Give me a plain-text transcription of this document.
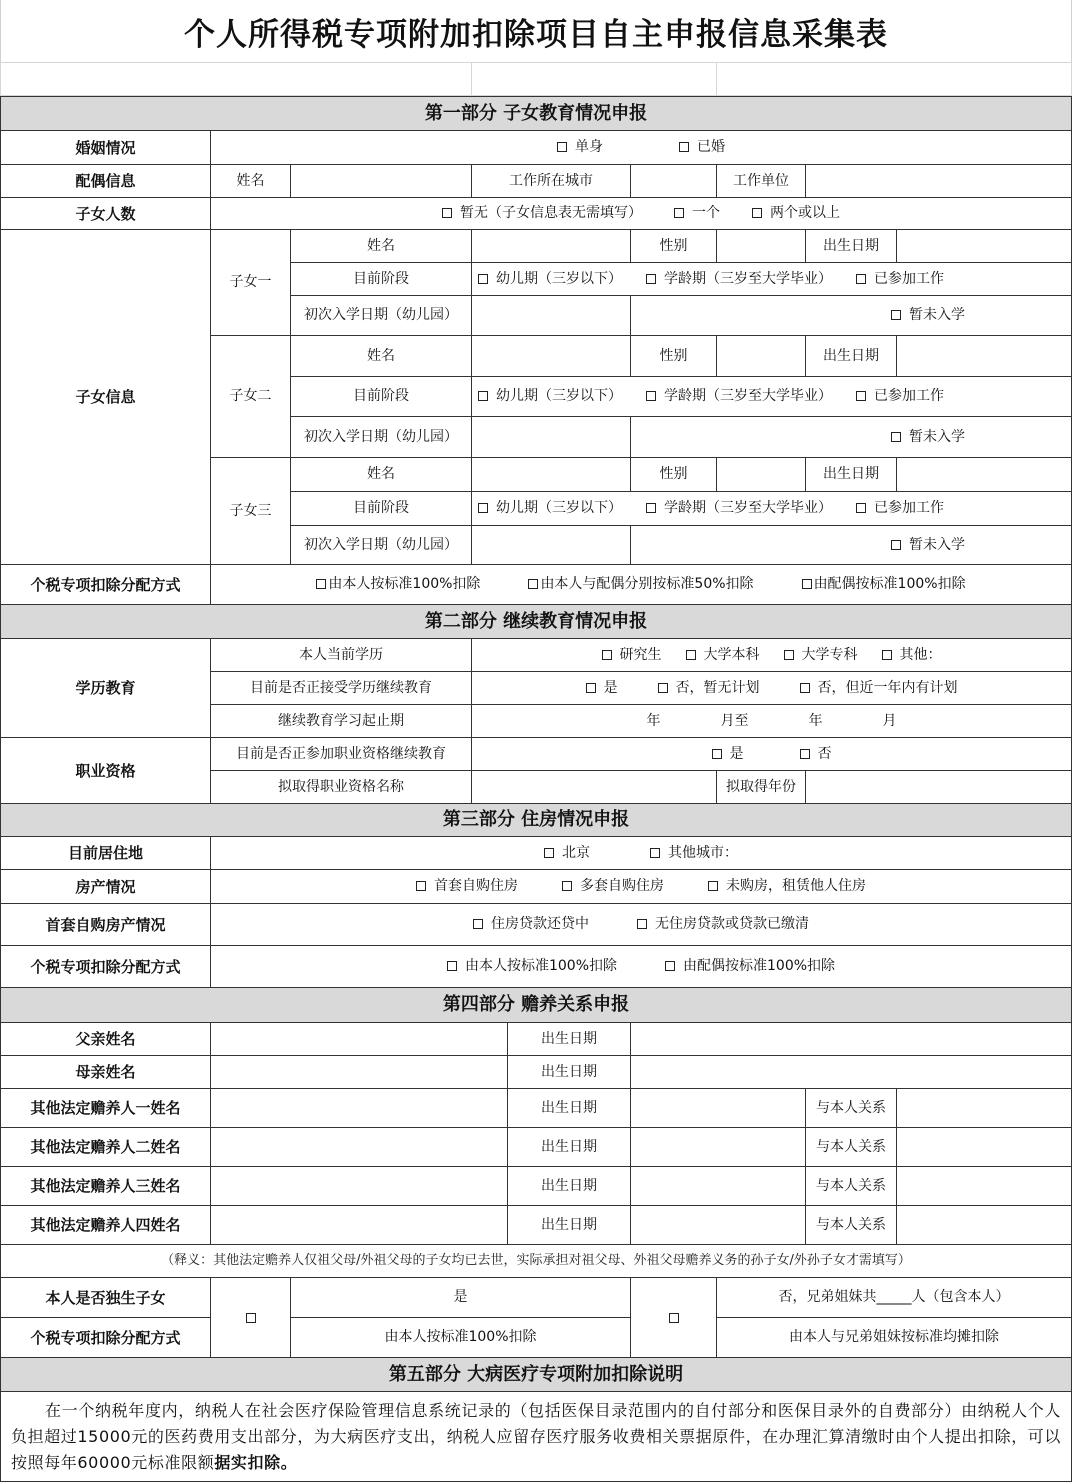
个人所得税专项附加扣除项目自主申报信息采集表
第一部分 子女教育情况申报
婚姻情况	单身	已婚
配偶信息	姓名	工作所在城市	工作单位
子女人数	暂无（子女信息表无需填写）	一个	两个或以上
子女信息
子女一
姓名	性别	出生日期
目前阶段	幼儿期（三岁以下）	学龄期（三岁至大学毕业）	已参加工作
初次入学日期（幼儿园）	暂未入学
子女二
姓名	性别	出生日期
目前阶段	幼儿期（三岁以下）	学龄期（三岁至大学毕业）	已参加工作
初次入学日期（幼儿园）	暂未入学
子女三
姓名	性别	出生日期
目前阶段	幼儿期（三岁以下）	学龄期（三岁至大学毕业）	已参加工作
初次入学日期（幼儿园）	暂未入学
个税专项扣除分配方式	由本人按标准100%扣除	由本人与配偶分别按标准50%扣除	由配偶按标准100%扣除
第二部分 继续教育情况申报
学历教育
本人当前学历	研究生	大学本科	大学专科	其他：
目前是否正接受学历继续教育	是	否，暂无计划	否，但近一年内有计划
继续教育学习起止期	年	月至	年	月
职业资格
目前是否正参加职业资格继续教育	是	否
拟取得职业资格名称	拟取得年份
第三部分 住房情况申报
目前居住地	北京	其他城市：
房产情况	首套自购住房	多套自购住房	未购房，租赁他人住房
首套自购房产情况	住房贷款还贷中	无住房贷款或贷款已缴清
个税专项扣除分配方式	由本人按标准100%扣除	由配偶按标准100%扣除
第四部分 赡养关系申报
父亲姓名	出生日期
母亲姓名	出生日期
其他法定赡养人一姓名	出生日期	与本人关系
其他法定赡养人二姓名	出生日期	与本人关系
其他法定赡养人三姓名	出生日期	与本人关系
其他法定赡养人四姓名	出生日期	与本人关系
（释义：其他法定赡养人仅祖父母/外祖父母的子女均已去世，实际承担对祖父母、外祖父母赡养义务的孙子女/外孙子女才需填写）
本人是否独生子女	是	否，兄弟姐妹共_____人（包含本人）
个税专项扣除分配方式	由本人按标准100%扣除	由本人与兄弟姐妹按标准均摊扣除
第五部分 大病医疗专项附加扣除说明
在一个纳税年度内，纳税人在社会医疗保险管理信息系统记录的（包括医保目录范围内的自付部分和医保目录外的自费部分）由纳税人个人负担超过15000元的医药费用支出部分，为大病医疗支出，纳税人应留存医疗服务收费相关票据原件，在办理汇算清缴时由个人提出扣除，可以按照每年60000元标准限额据实扣除。
